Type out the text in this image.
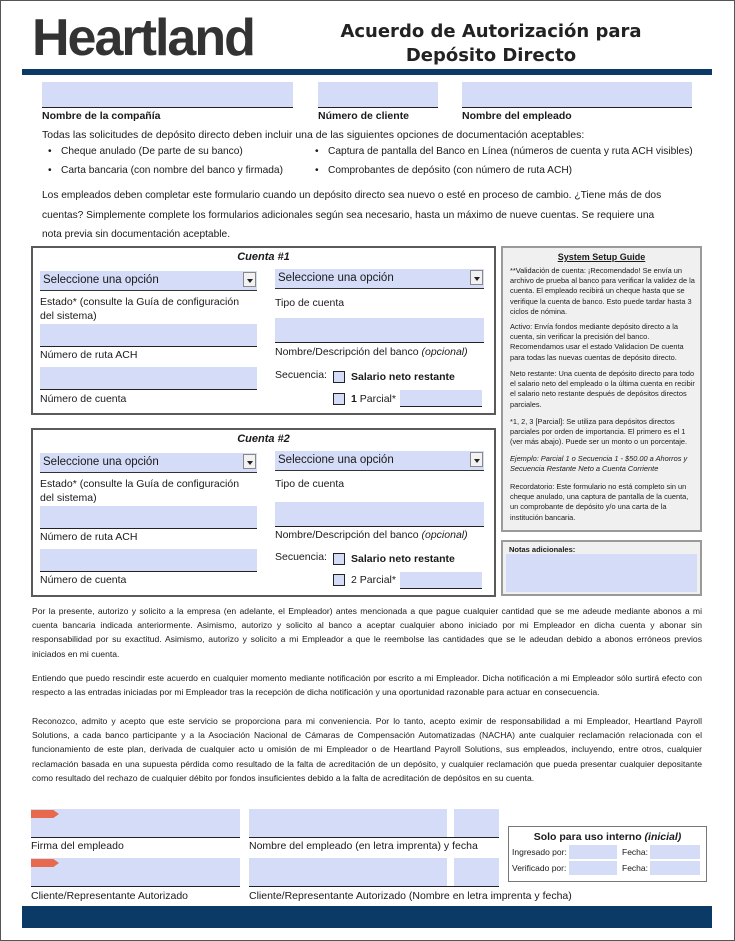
Heartland	Acuerdo de Autorización para
Depósito Directo
Nombre de la compañía	Número de cliente	Nombre del empleado
Todas las solicitudes de depósito directo deben incluir una de las siguientes opciones de documentación aceptables:
• Cheque anulado (De parte de su banco)
• Carta bancaria (con nombre del banco y firmada)
• Captura de pantalla del Banco en Línea (números de cuenta y ruta ACH visibles)
• Comprobantes de depósito (con número de ruta ACH)
Los empleados deben completar este formulario cuando un depósito directo sea nuevo o esté en proceso de cambio. ¿Tiene más de dos
cuentas? Simplemente complete los formularios adicionales según sea necesario, hasta un máximo de nueve cuentas. Se requiere una
nota previa sin documentación aceptable.
Cuenta #1
Seleccione una opción	Seleccione una opción
Estado* (consulte la Guía de configuración
del sistema)
Tipo de cuenta
Número de ruta ACH	Nombre/Descripción del banco (opcional)
Número de cuenta
Secuencia: Salario neto restante
1 Parcial*
Cuenta #2
Seleccione una opción	Seleccione una opción
Estado* (consulte la Guía de configuración
del sistema)
Tipo de cuenta
Número de ruta ACH	Nombre/Descripción del banco (opcional)
Número de cuenta
Secuencia: Salario neto restante
2 Parcial*
System Setup Guide
**Validación de cuenta: ¡Recomendado! Se envía un archivo de prueba al banco para verificar la validez de la cuenta. El empleado recibirá un cheque hasta que se verifique la cuenta de banco. Esto puede tardar hasta 3 ciclos de nómina.
Activo: Envía fondos mediante depósito directo a la cuenta, sin verificar la precisión del banco. Recomendamos usar el estado Validacion De cuenta para todas las nuevas cuentas de depósito directo.
Neto restante: Una cuenta de depósito directo para todo el salario neto del empleado o la última cuenta en recibir el salario neto restante después de depósitos directos parciales.
*1, 2, 3 [Parcial]: Se utiliza para depósitos directos parciales por orden de importancia. El primero es el 1 (ver más abajo). Puede ser un monto o un porcentaje.
Ejemplo: Parcial 1 o Secuencia 1 - $50.00 a Ahorros y Secuencia Restante Neto a Cuenta Corriente
Recordatorio: Este formulario no está completo sin un cheque anulado, una captura de pantalla de la cuenta, un comprobante de depósito y/o una carta de la institución bancaria.
Notas adicionales:
Por la presente, autorizo y solicito a la empresa (en adelante, el Empleador) antes mencionada a que pague cualquier cantidad que se me adeude mediante abonos a mi cuenta bancaria indicada anteriormente. Asimismo, autorizo y solicito al banco a aceptar cualquier abono iniciado por mi Empleador en dicha cuenta y abonar sin responsabilidad por su exactitud. Asimismo, autorizo y solicito a mi Empleador a que le reembolse las cantidades que se le adeudan debido a abonos erróneos previos iniciados en mi cuenta.
Entiendo que puedo rescindir este acuerdo en cualquier momento mediante notificación por escrito a mi Empleador. Dicha notificación a mi Empleador sólo surtirá efecto con respecto a las entradas iniciadas por mi Empleador tras la recepción de dicha notificación y una oportunidad razonable para actuar en consecuencia.
Reconozco, admito y acepto que este servicio se proporciona para mi conveniencia. Por lo tanto, acepto eximir de responsabilidad a mi Empleador, Heartland Payroll Solutions, a cada banco participante y a la Asociación Nacional de Cámaras de Compensación Automatizadas (NACHA) ante cualquier reclamación relacionada con el funcionamiento de este plan, derivada de cualquier acto u omisión de mi Empleador o de Heartland Payroll Solutions, sus empleados, incluyendo, entre otros, cualquier reclamación basada en una supuesta pérdida como resultado de la falta de acreditación de un depósito, y cualquier reclamación que pueda presentar cualquier depositante como resultado del rechazo de cualquier débito por fondos insuficientes debido a la falta de acreditación de depósitos en su cuenta.
Firma del empleado	Nombre del empleado (en letra imprenta) y fecha
Cliente/Representante Autorizado	Cliente/Representante Autorizado (Nombre en letra imprenta y fecha)
Solo para uso interno (inicial)
Ingresado por:	Fecha:
Verificado por:	Fecha:
